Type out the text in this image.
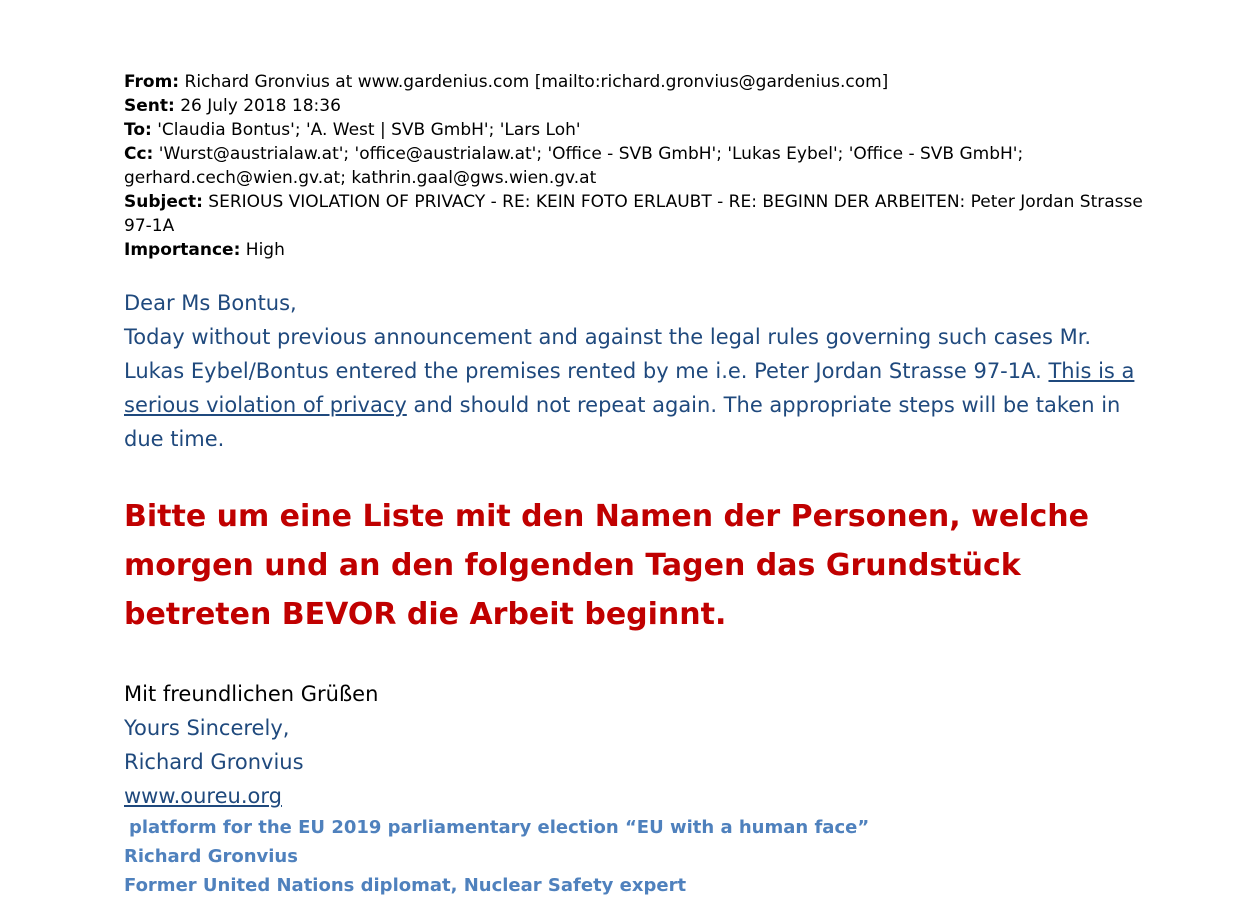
From: Richard Gronvius at www.gardenius.com [mailto:richard.gronvius@gardenius.com]
Sent: 26 July 2018 18:36
To: 'Claudia Bontus'; 'A. West | SVB GmbH'; 'Lars Loh'
Cc: 'Wurst@austrialaw.at'; 'office@austrialaw.at'; 'Office - SVB GmbH'; 'Lukas Eybel'; 'Office - SVB GmbH'; gerhard.cech@wien.gv.at; kathrin.gaal@gws.wien.gv.at
Subject: SERIOUS VIOLATION OF PRIVACY - RE: KEIN FOTO ERLAUBT - RE: BEGINN DER ARBEITEN: Peter Jordan Strasse 97-1A
Importance: High

Dear Ms Bontus,

Today without previous announcement and against the legal rules governing such cases Mr. Lukas Eybel/Bontus entered the premises rented by me i.e. Peter Jordan Strasse 97-1A. This is a serious violation of privacy and should not repeat again. The appropriate steps will be taken in due time.

Bitte um eine Liste mit den Namen der Personen, welche morgen und an den folgenden Tagen das Grundstück betreten BEVOR die Arbeit beginnt.
Mit freundlichen Grüßen
Yours Sincerely,
Richard Gronvius
www.oureu.org
platform for the EU 2019 parliamentary election “EU with a human face”
Richard Gronvius
Former United Nations diplomat, Nuclear Safety expert
